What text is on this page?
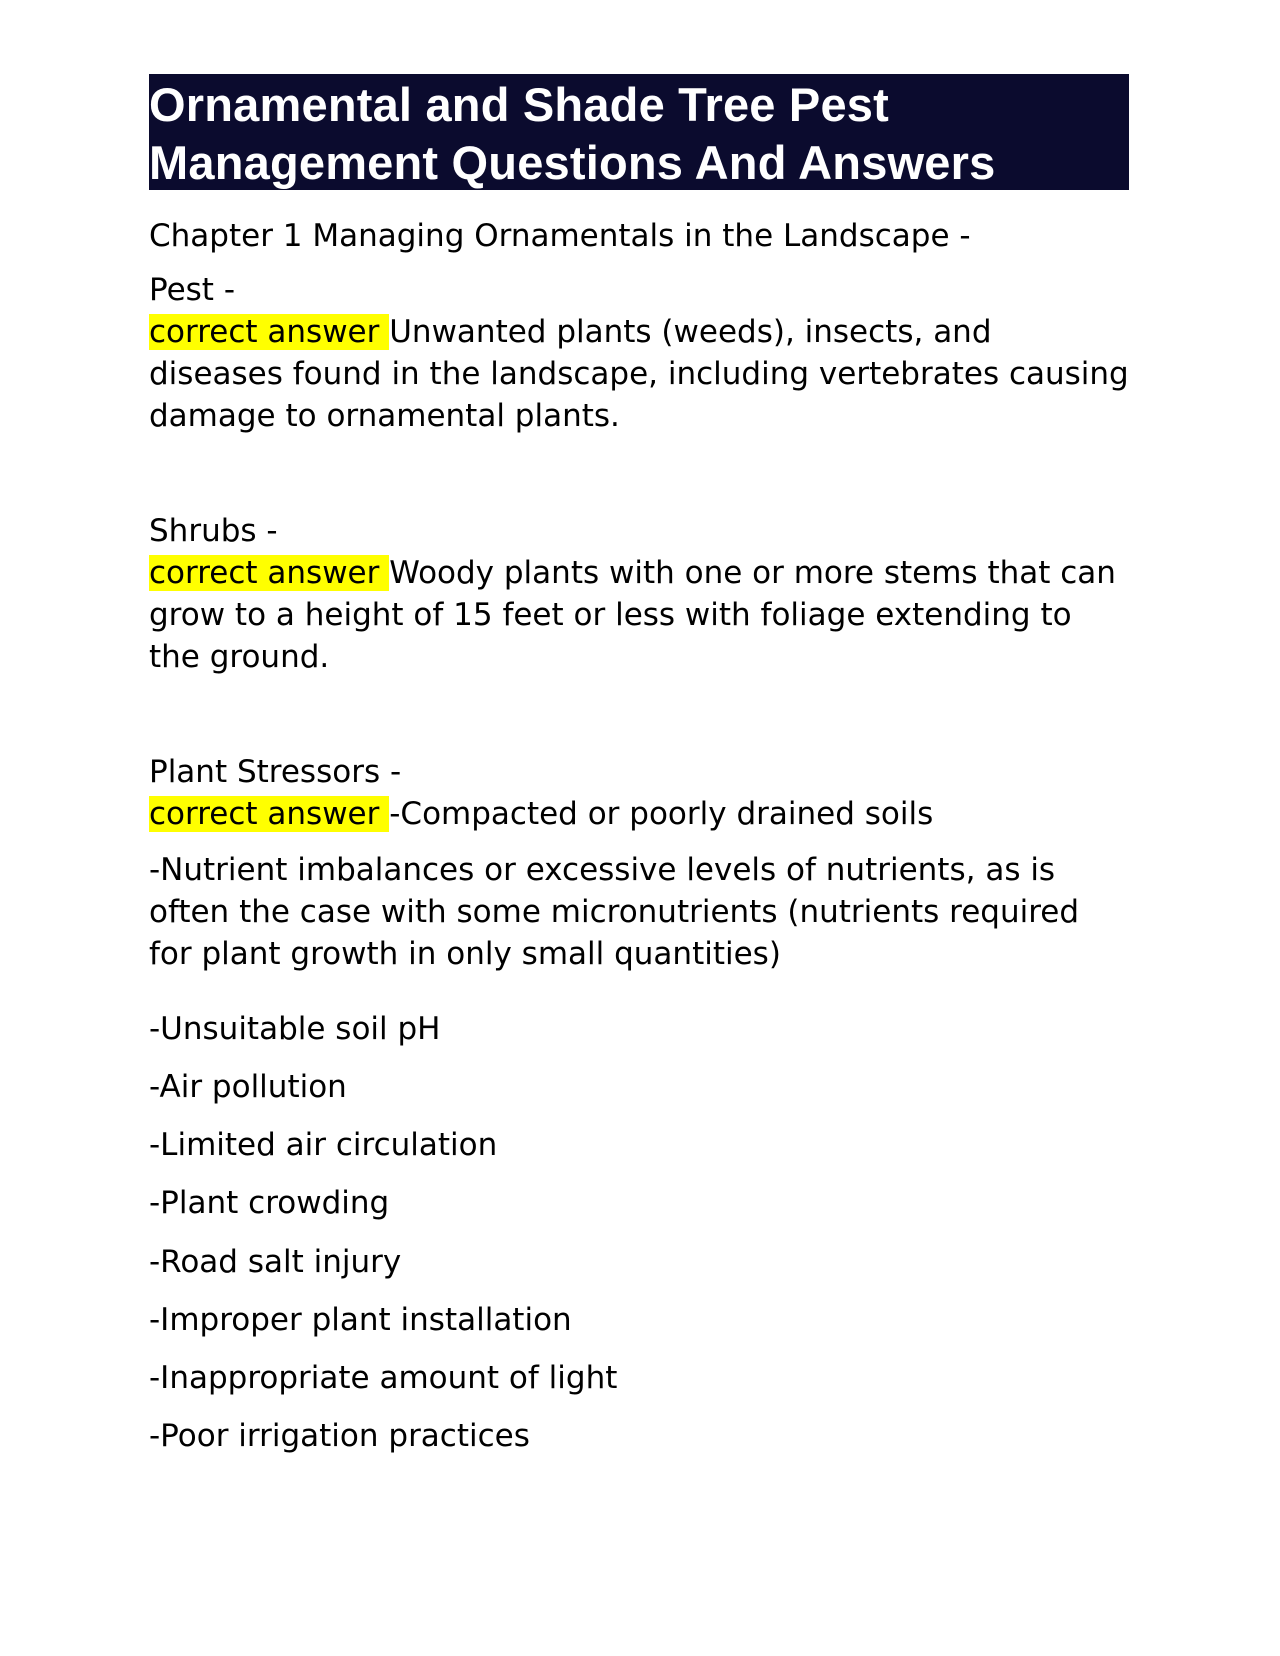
Ornamental and Shade Tree Pest Management Questions And Answers

Chapter 1 Managing Ornamentals in the Landscape -

Pest -

correct answer Unwanted plants (weeds), insects, and diseases found in the landscape, including vertebrates causing damage to ornamental plants.

Shrubs -

correct answer Woody plants with one or more stems that can grow to a height of 15 feet or less with foliage extending to the ground.

Plant Stressors -

correct answer -Compacted or poorly drained soils

-Nutrient imbalances or excessive levels of nutrients, as is often the case with some micronutrients (nutrients required for plant growth in only small quantities)

-Unsuitable soil pH

-Air pollution

-Limited air circulation

-Plant crowding

-Road salt injury

-Improper plant installation

-Inappropriate amount of light

-Poor irrigation practices
